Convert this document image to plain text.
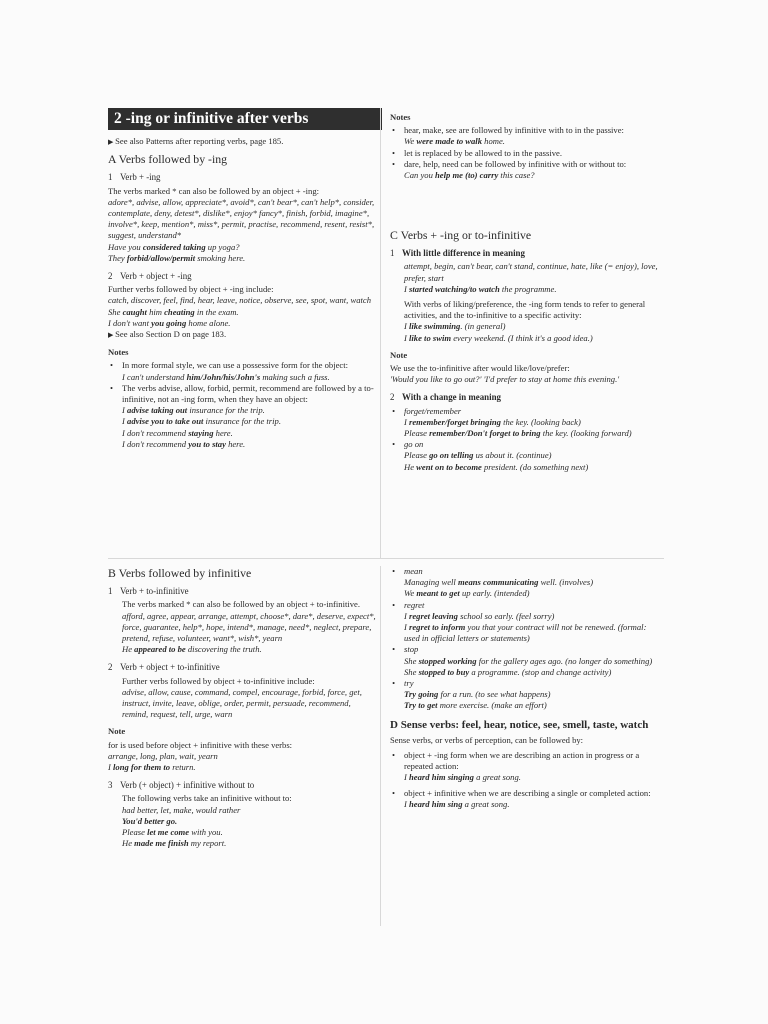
2 -ing or infinitive after verbs

▶ See also Patterns after reporting verbs, page 185.

A Verbs followed by -ing
1 Verb + -ing

The verbs marked * can also be followed by an object + -ing:

adore*, advise, allow, appreciate*, avoid*, can't bear*, can't help*, consider, contemplate, deny, detest*, dislike*, enjoy* fancy*, finish, forbid, imagine*, involve*, keep, mention*, miss*, permit, practise, recommend, resent, resist*, suggest, understand*

Have you considered taking up yoga?

They forbid/allow/permit smoking here.

2 Verb + object + -ing

Further verbs followed by object + -ing include:

catch, discover, feel, find, hear, leave, notice, observe, see, spot, want, watch

She caught him cheating in the exam.

I don't want you going home alone.

▶ See also Section D on page 183.

Notes

• In more formal style, we can use a possessive form for the object:

I can't understand him/John/his/John's making such a fuss.

• The verbs advise, allow, forbid, permit, recommend are followed by a to-infinitive, not an -ing form, when they have an object:

I advise taking out insurance for the trip.

I advise you to take out insurance for the trip.

I don't recommend staying here.

I don't recommend you to stay here.

Notes

• hear, make, see are followed by infinitive with to in the passive:

We were made to walk home.

• let is replaced by be allowed to in the passive.

• dare, help, need can be followed by infinitive with or without to:

Can you help me (to) carry this case?

C Verbs + -ing or to-infinitive
1 With little difference in meaning

attempt, begin, can't bear, can't stand, continue, hate, like (= enjoy), love, prefer, start

I started watching/to watch the programme.

With verbs of liking/preference, the -ing form tends to refer to general activities, and the to-infinitive to a specific activity:

I like swimming. (in general)

I like to swim every weekend. (I think it's a good idea.)

Note

We use the to-infinitive after would like/love/prefer:

'Would you like to go out?' 'I'd prefer to stay at home this evening.'

2 With a change in meaning

• forget/remember

I remember/forget bringing the key. (looking back)

Please remember/Don't forget to bring the key. (looking forward)

• go on

Please go on telling us about it. (continue)

He went on to become president. (do something next)

B Verbs followed by infinitive
1 Verb + to-infinitive

The verbs marked * can also be followed by an object + to-infinitive.

afford, agree, appear, arrange, attempt, choose*, dare*, deserve, expect*, force, guarantee, help*, hope, intend*, manage, need*, neglect, prepare, pretend, refuse, volunteer, want*, wish*, yearn

He appeared to be discovering the truth.

2 Verb + object + to-infinitive

Further verbs followed by object + to-infinitive include:

advise, allow, cause, command, compel, encourage, forbid, force, get, instruct, invite, leave, oblige, order, permit, persuade, recommend, remind, request, tell, urge, warn

Note

for is used before object + infinitive with these verbs:

arrange, long, plan, wait, yearn

I long for them to return.

3 Verb (+ object) + infinitive without to

The following verbs take an infinitive without to:

had better, let, make, would rather

You'd better go.

Please let me come with you.

He made me finish my report.

• mean

Managing well means communicating well. (involves)

We meant to get up early. (intended)

• regret

I regret leaving school so early. (feel sorry)

I regret to inform you that your contract will not be renewed. (formal: used in official letters or statements)

• stop

She stopped working for the gallery ages ago. (no longer do something)

She stopped to buy a programme. (stop and change activity)

• try

Try going for a run. (to see what happens)

Try to get more exercise. (make an effort)

D Sense verbs: feel, hear, notice, see, smell, taste, watch

Sense verbs, or verbs of perception, can be followed by:

• object + -ing form when we are describing an action in progress or a repeated action:

I heard him singing a great song.

• object + infinitive when we are describing a single or completed action:

I heard him sing a great song.
